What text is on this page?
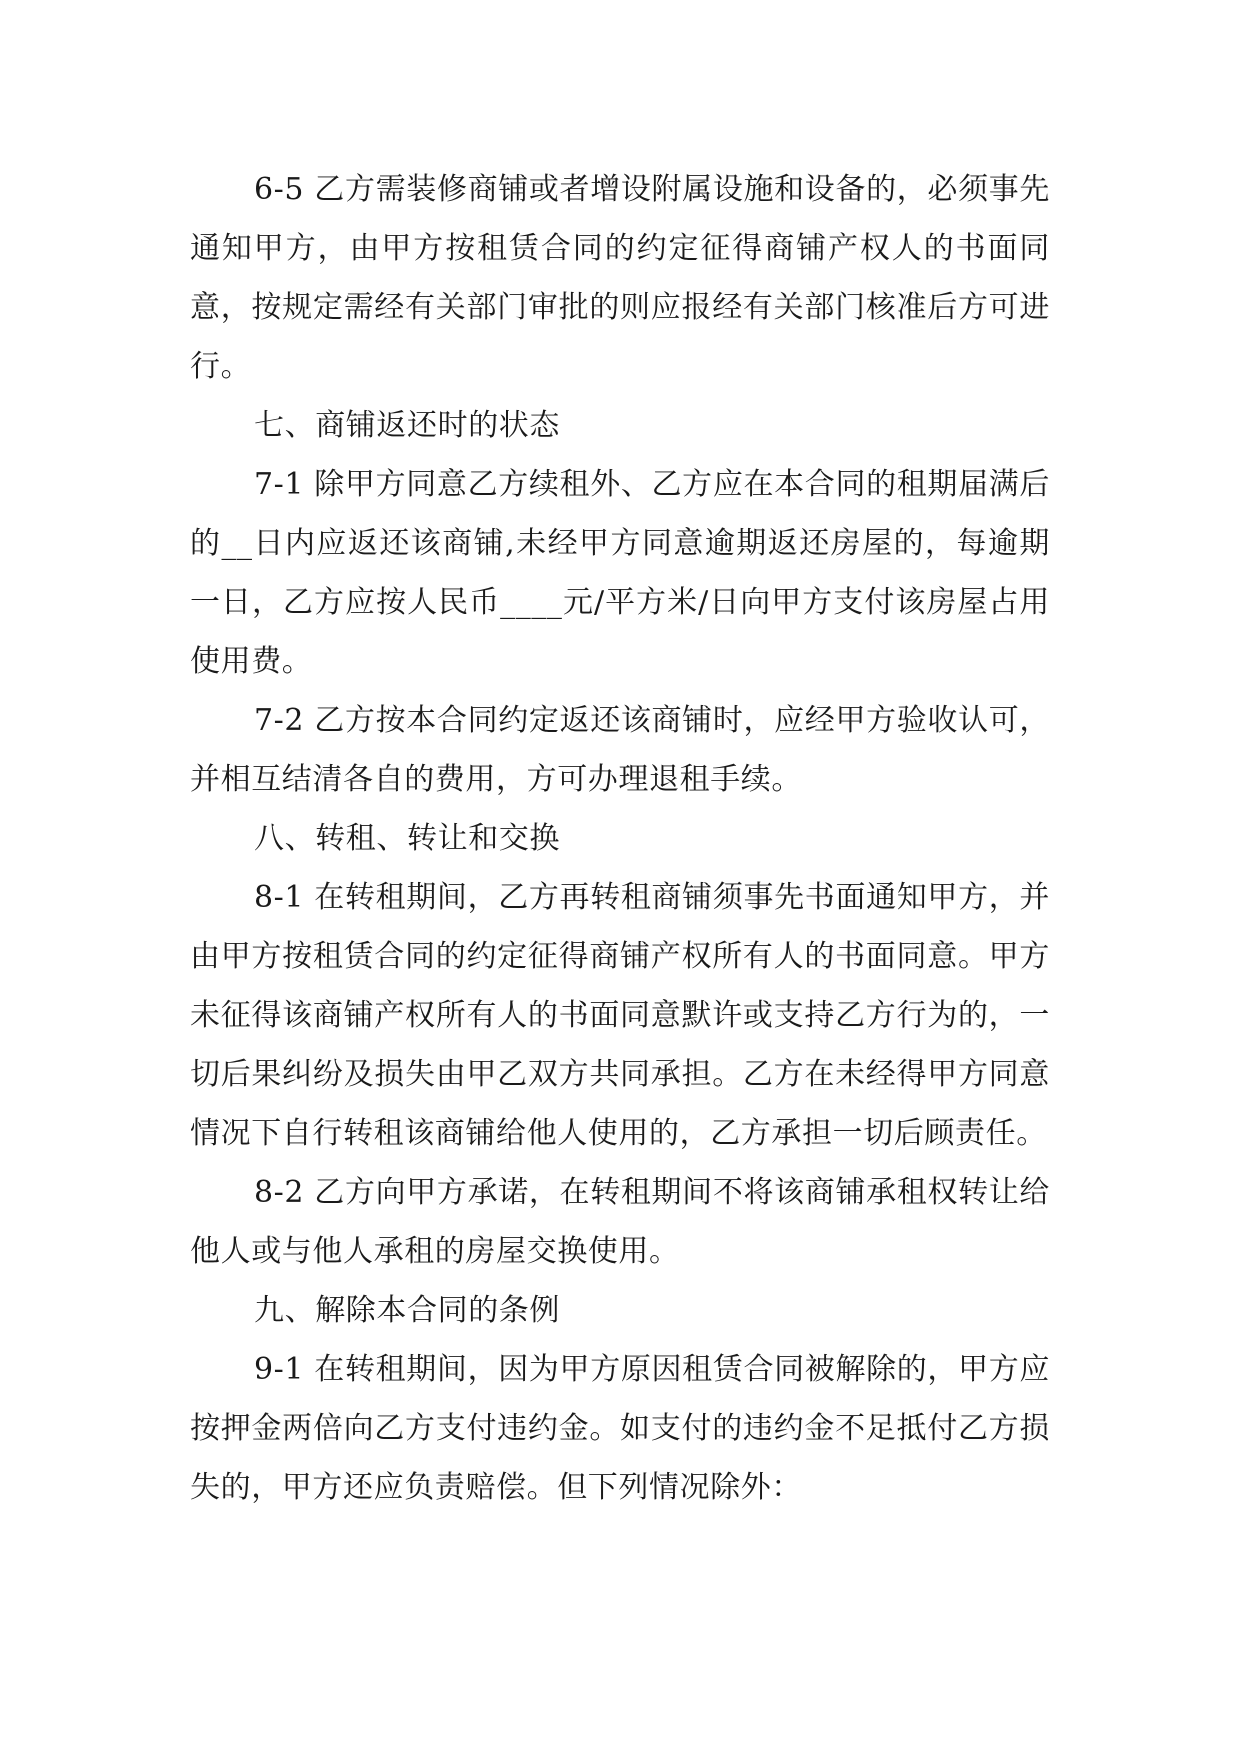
6-5 乙方需装修商铺或者增设附属设施和设备的，必须事先通知甲方，由甲方按租赁合同的约定征得商铺产权人的书面同意，按规定需经有关部门审批的则应报经有关部门核准后方可进行。

七、商铺返还时的状态

7-1 除甲方同意乙方续租外、乙方应在本合同的租期届满后的__日内应返还该商铺,未经甲方同意逾期返还房屋的，每逾期一日，乙方应按人民币____元/平方米/日向甲方支付该房屋占用使用费。

7-2 乙方按本合同约定返还该商铺时，应经甲方验收认可，并相互结清各自的费用，方可办理退租手续。

八、转租、转让和交换

8-1 在转租期间，乙方再转租商铺须事先书面通知甲方，并由甲方按租赁合同的约定征得商铺产权所有人的书面同意。甲方未征得该商铺产权所有人的书面同意默许或支持乙方行为的，一切后果纠纷及损失由甲乙双方共同承担。乙方在未经得甲方同意情况下自行转租该商铺给他人使用的，乙方承担一切后顾责任。

8-2 乙方向甲方承诺，在转租期间不将该商铺承租权转让给他人或与他人承租的房屋交换使用。

九、解除本合同的条例

9-1 在转租期间，因为甲方原因租赁合同被解除的，甲方应按押金两倍向乙方支付违约金。如支付的违约金不足抵付乙方损失的，甲方还应负责赔偿。但下列情况除外：
